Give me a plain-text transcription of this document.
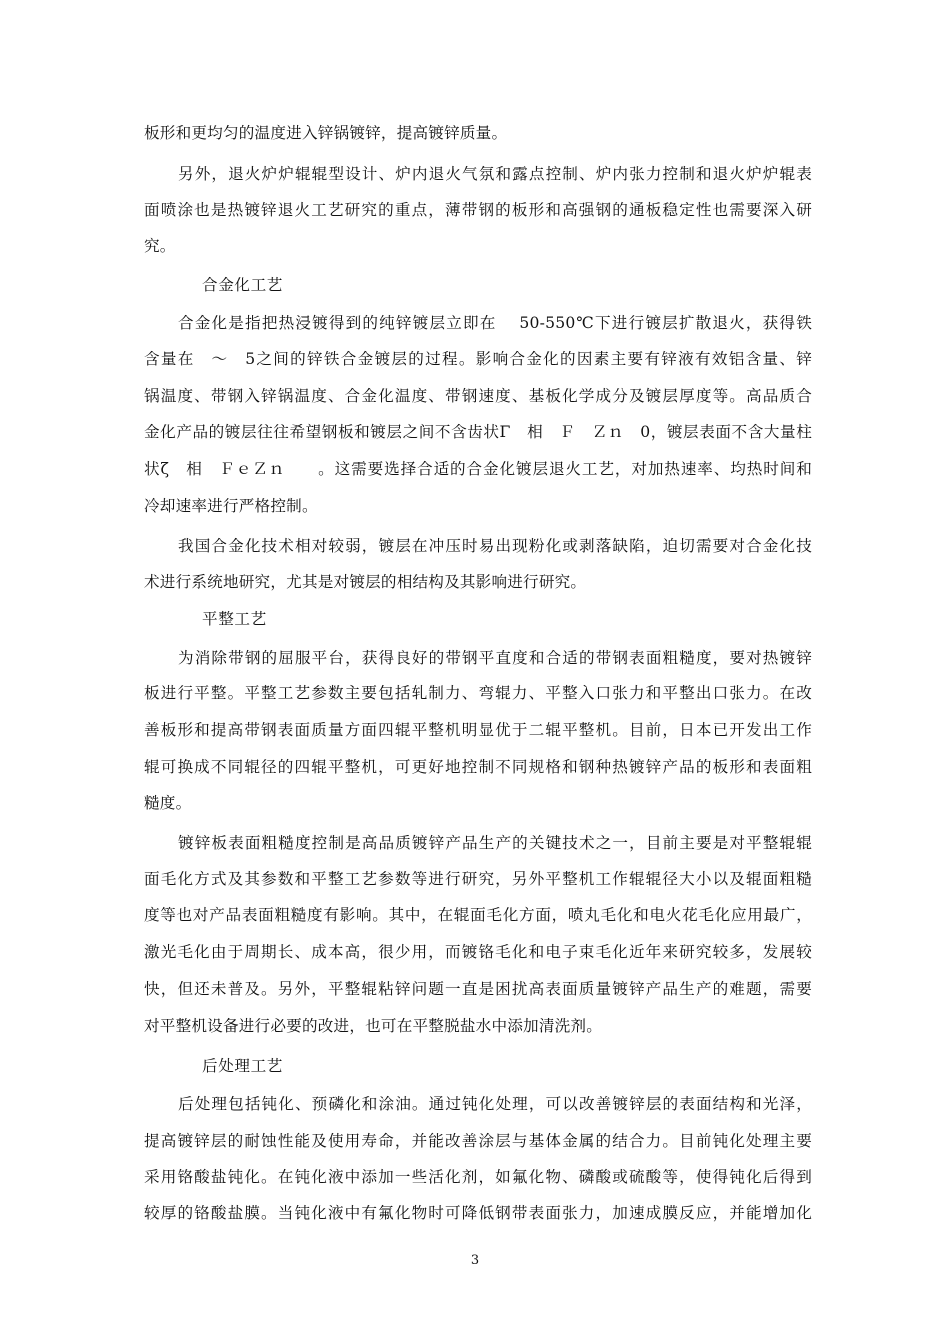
板形和更均匀的温度进入锌锅镀锌，提高镀锌质量。
另外，退火炉炉辊辊型设计、炉内退火气氛和露点控制、炉内张力控制和退火炉炉辊表
面喷涂也是热镀锌退火工艺研究的重点，薄带钢的板形和高强钢的通板稳定性也需要深入研
究。
合金化工艺
合金化是指把热浸镀得到的纯锌镀层立即在　 50-550℃下进行镀层扩散退火，获得铁
含量在　～　5之间的锌铁合金镀层的过程。影响合金化的因素主要有锌液有效铝含量、锌
锅温度、带钢入锌锅温度、合金化温度、带钢速度、基板化学成分及镀层厚度等。高品质合
金化产品的镀层往往希望钢板和镀层之间不含齿状Γ　相　Ｆ　Ｚｎ　0，镀层表面不含大量柱
状ζ　相　ＦｅＺｎ　　。这需要选择合适的合金化镀层退火工艺，对加热速率、均热时间和
冷却速率进行严格控制。
我国合金化技术相对较弱，镀层在冲压时易出现粉化或剥落缺陷，迫切需要对合金化技
术进行系统地研究，尤其是对镀层的相结构及其影响进行研究。
平整工艺
为消除带钢的屈服平台，获得良好的带钢平直度和合适的带钢表面粗糙度，要对热镀锌
板进行平整。平整工艺参数主要包括轧制力、弯辊力、平整入口张力和平整出口张力。在改
善板形和提高带钢表面质量方面四辊平整机明显优于二辊平整机。目前，日本已开发出工作
辊可换成不同辊径的四辊平整机，可更好地控制不同规格和钢种热镀锌产品的板形和表面粗
糙度。
镀锌板表面粗糙度控制是高品质镀锌产品生产的关键技术之一，目前主要是对平整辊辊
面毛化方式及其参数和平整工艺参数等进行研究，另外平整机工作辊辊径大小以及辊面粗糙
度等也对产品表面粗糙度有影响。其中，在辊面毛化方面，喷丸毛化和电火花毛化应用最广，
激光毛化由于周期长、成本高，很少用，而镀铬毛化和电子束毛化近年来研究较多，发展较
快，但还未普及。另外，平整辊粘锌问题一直是困扰高表面质量镀锌产品生产的难题，需要
对平整机设备进行必要的改进，也可在平整脱盐水中添加清洗剂。
后处理工艺
后处理包括钝化、预磷化和涂油。通过钝化处理，可以改善镀锌层的表面结构和光泽，
提高镀锌层的耐蚀性能及使用寿命，并能改善涂层与基体金属的结合力。目前钝化处理主要
采用铬酸盐钝化。在钝化液中添加一些活化剂，如氟化物、磷酸或硫酸等，使得钝化后得到
较厚的铬酸盐膜。当钝化液中有氟化物时可降低钢带表面张力，加速成膜反应，并能增加化
3
